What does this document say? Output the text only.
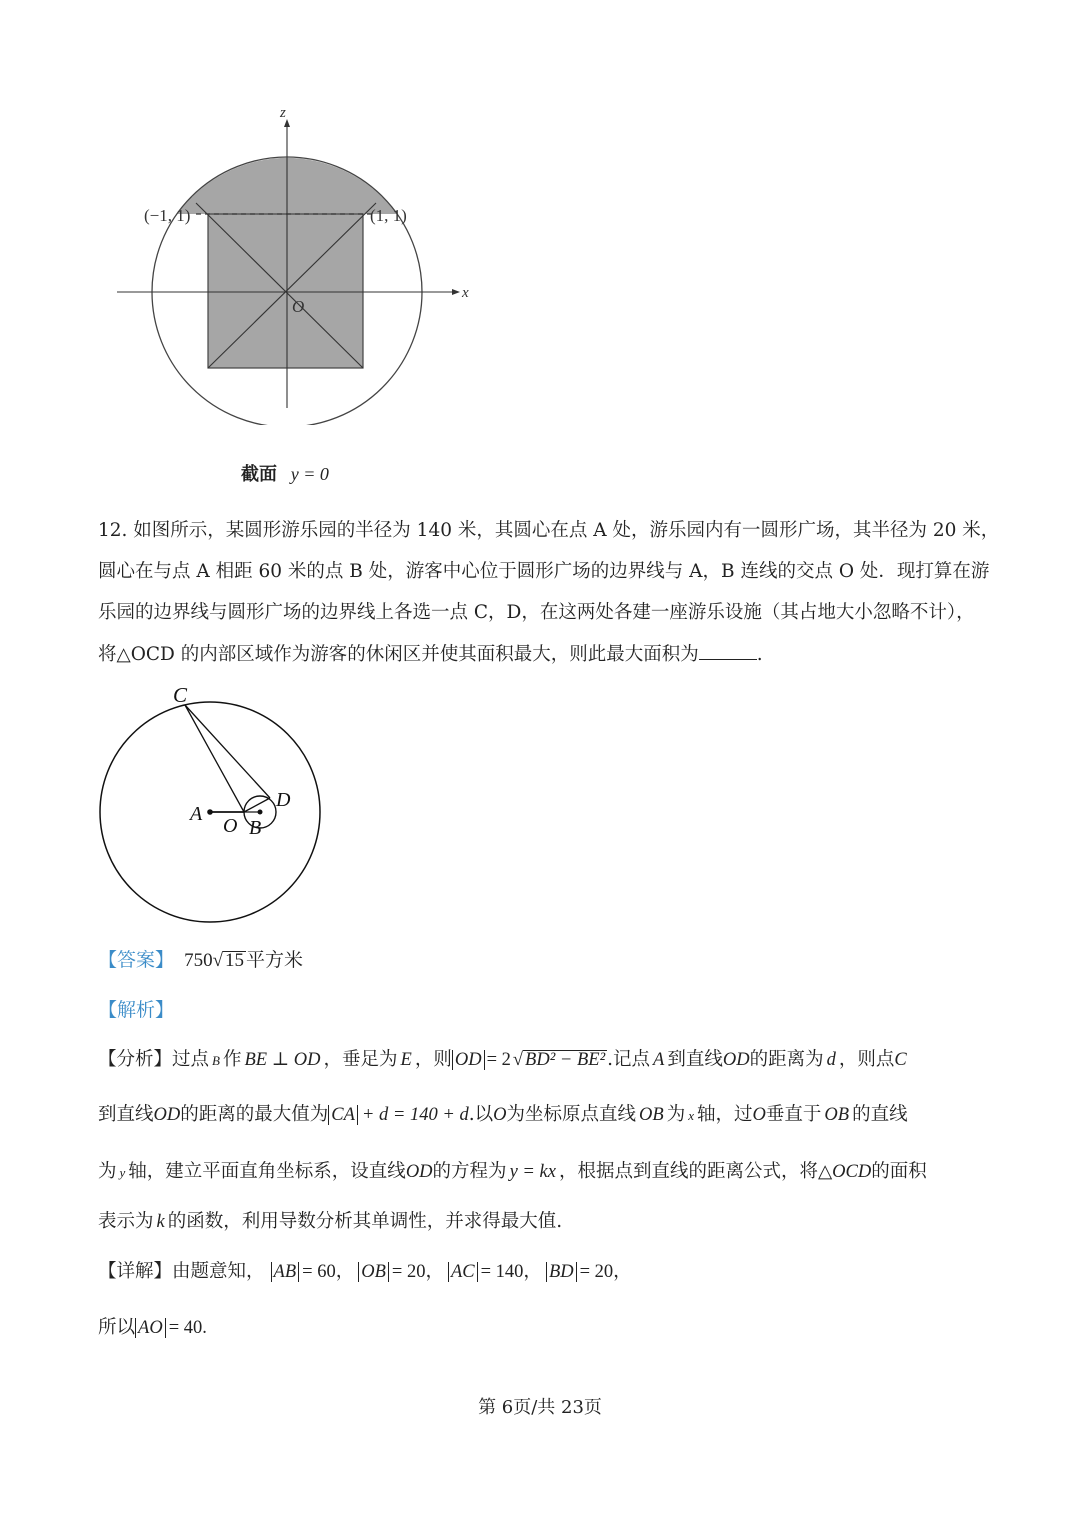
z
x
O
(−1, 1)	(1, 1)
截面 y = 0
12. 如图所示，某圆形游乐园的半径为 140 米，其圆心在点 A 处，游乐园内有一圆形广场，其半径为 20 米，
圆心在与点 A 相距 60 米的点 B 处，游客中心位于圆形广场的边界线与 A，B 连线的交点 O 处．现打算在游
乐园的边界线与圆形广场的边界线上各选一点 C，D，在这两处各建一座游乐设施（其占地大小忽略不计），
将△OCD 的内部区域作为游客的休闲区并使其面积最大，则此最大面积为	.
C
D
A
O B
【答案】 750√ 15 平方米
【解析】
【分析】过点 B 作 BE ⊥ OD ，垂足为 E ，则 OD = 2 √ BD² − BE² .记点 A 到直线OD的距离为 d ，则点C
到直线OD的距离的最大值为 CA + d = 140 + d.以O为坐标原点直线 OB 为 x 轴，过O垂直于 OB 的直线
为 y 轴，建立平面直角坐标系，设直线OD的方程为 y = kx ，根据点到直线的距离公式，将△OCD的面积
表示为 k 的函数，利用导数分析其单调性，并求得最大值.
【详解】由题意知， AB = 60， OB = 20， AC = 140， BD = 20，
所以 AO = 40.
第 6页/共 23页
